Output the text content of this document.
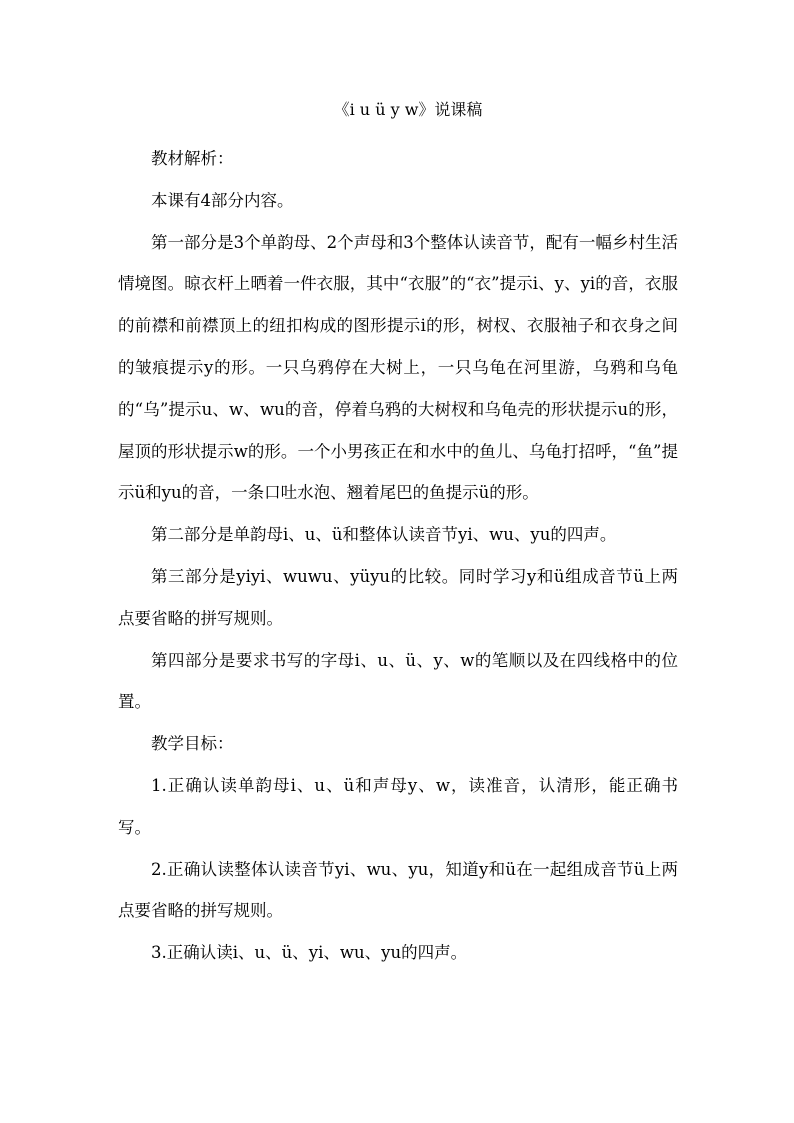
《i u ü y w》说课稿

教材解析：

本课有4部分内容。

第一部分是3个单韵母、2个声母和3个整体认读音节，配有一幅乡村生活情境图。晾衣杆上晒着一件衣服，其中“衣服”的“衣”提示i、y、yi的音，衣服的前襟和前襟顶上的纽扣构成的图形提示i的形，树杈、衣服袖子和衣身之间的皱痕提示y的形。一只乌鸦停在大树上，一只乌龟在河里游，乌鸦和乌龟的“乌”提示u、w、wu的音，停着乌鸦的大树杈和乌龟壳的形状提示u的形，屋顶的形状提示w的形。一个小男孩正在和水中的鱼儿、乌龟打招呼，“鱼”提示ü和yu的音，一条口吐水泡、翘着尾巴的鱼提示ü的形。

第二部分是单韵母i、u、ü和整体认读音节yi、wu、yu的四声。

第三部分是yiyi、wuwu、yüyu的比较。同时学习y和ü组成音节ü上两点要省略的拼写规则。

第四部分是要求书写的字母i、u、ü、y、w的笔顺以及在四线格中的位置。

教学目标：

1.正确认读单韵母i、u、ü和声母y、w，读准音，认清形，能正确书写。

2.正确认读整体认读音节yi、wu、yu，知道y和ü在一起组成音节ü上两点要省略的拼写规则。

3.正确认读i、u、ü、yi、wu、yu的四声。
